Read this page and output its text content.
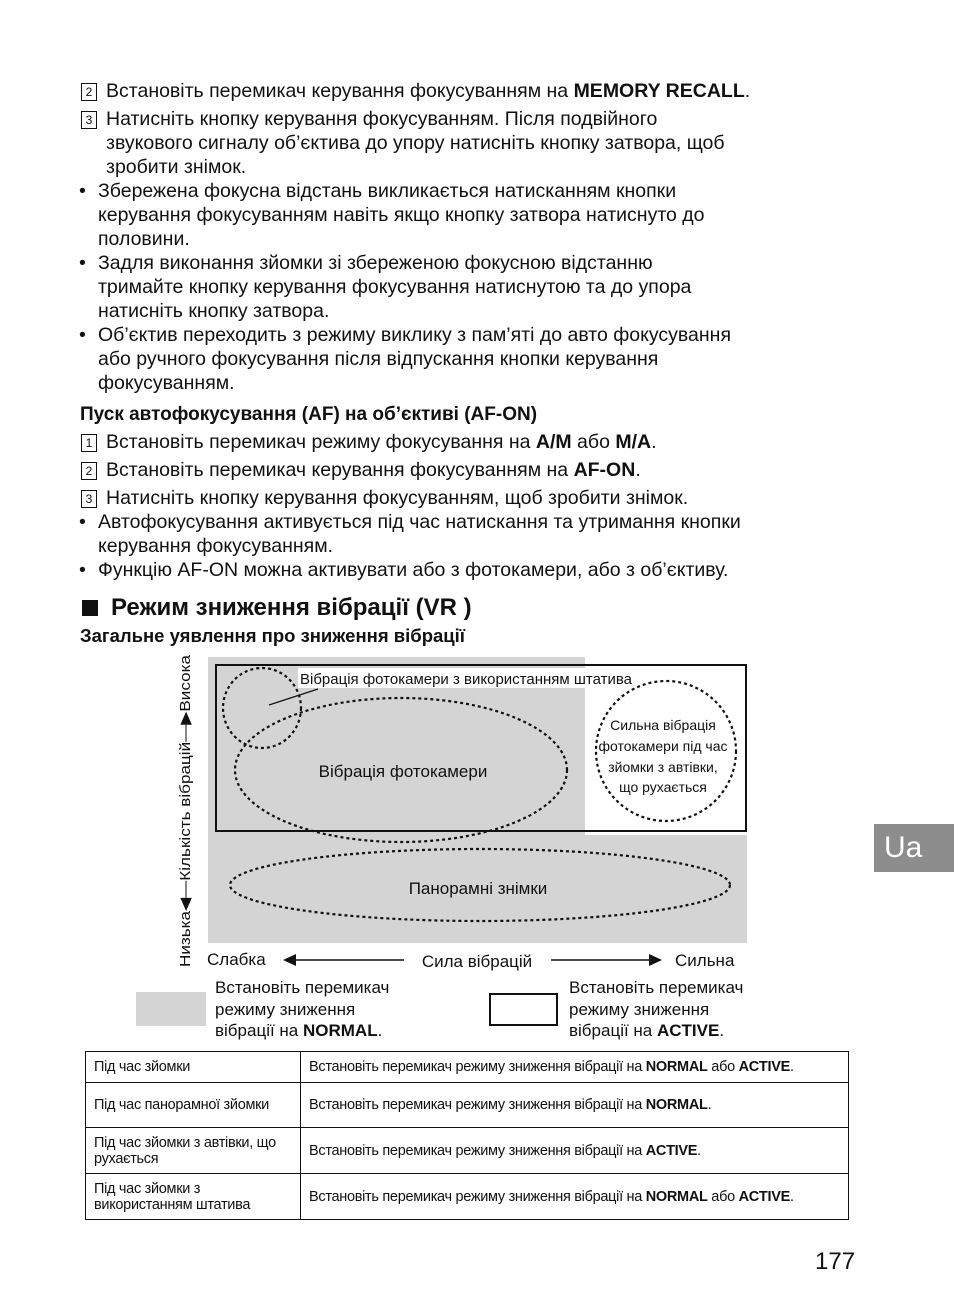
2 Встановіть перемикач керування фокусуванням на MEMORY RECALL.
3 Натисніть кнопку керування фокусуванням. Після подвійного
звукового сигналу об’єктива до упору натисніть кнопку затвора, щоб
зробити знімок.
• Збережена фокусна відстань викликається натисканням кнопки
керування фокусуванням навіть якщо кнопку затвора натиснуто до
половини.
• Задля виконання зйомки зі збереженою фокусною відстанню
тримайте кнопку керування фокусування натиснутою та до упора
натисніть кнопку затвора.
• Об’єктив переходить з режиму виклику з пам’яті до авто фокусування
або ручного фокусування після відпускання кнопки керування
фокусуванням.
Пуск автофокусування (AF) на об’єктиві (AF-ON)
1 Встановіть перемикач режиму фокусування на A/M або M/A.
2 Встановіть перемикач керування фокусуванням на AF-ON.
3 Натисніть кнопку керування фокусуванням, щоб зробити знімок.
• Автофокусування активується під час натискання та утримання кнопки
керування фокусуванням.
• Функцію AF-ON можна активувати або з фотокамери, або з об’єктиву.
Режим зниження вібрації (VR )
Загальне уявлення про зниження вібрації
Вібрація фотокамери з використанням штатива
Вібрація фотокамери
Сильна вібрація
фотокамери під час
зйомки з автівки,
що рухається
Панорамні знімки
Низька◀—Кількість вібрацій—▶Висока Слабка	Сила вібрацій	Сильна
Встановіть перемикач
режиму зниження
вібрації на NORMAL.
Встановіть перемикач
режиму зниження
вібрації на ACTIVE.
Під час зйомки	Встановіть перемикач режиму зниження вібрації на NORMAL або ACTIVE.
Під час панорамної зйомки	Встановіть перемикач режиму зниження вібрації на NORMAL.
Під час зйомки з автівки, що рухається	Встановіть перемикач режиму зниження вібрації на ACTIVE.
Під час зйомки з використанням штатива	Встановіть перемикач режиму зниження вібрації на NORMAL або ACTIVE.
Ua
177
